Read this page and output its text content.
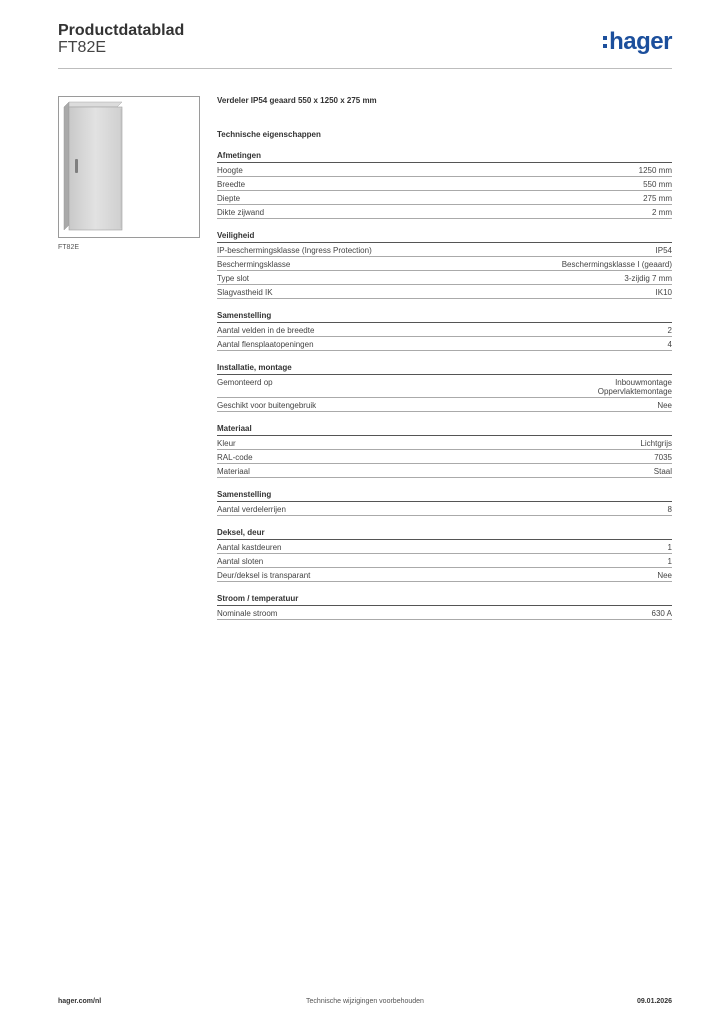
Productdatablad
FT82E	hager
FT82E
Verdeler IP54 geaard 550 x 1250 x 275 mm
Technische eigenschappen
Afmetingen
Hoogte	1250 mm
Breedte	550 mm
Diepte	275 mm
Dikte zijwand	2 mm
Veiligheid
IP-beschermingsklasse (Ingress Protection)	IP54
Beschermingsklasse	Beschermingsklasse I (geaard)
Type slot	3-zijdig 7 mm
Slagvastheid IK	IK10
Samenstelling
Aantal velden in de breedte	2
Aantal flensplaatopeningen	4
Installatie, montage
Gemonteerd op	Inbouwmontage
Oppervlaktemontage
Geschikt voor buitengebruik	Nee
Materiaal
Kleur	Lichtgrijs
RAL-code	7035
Materiaal	Staal
Samenstelling
Aantal verdelerrijen	8
Deksel, deur
Aantal kastdeuren	1
Aantal sloten	1
Deur/deksel is transparant	Nee
Stroom / temperatuur
Nominale stroom	630 A
hager.com/nl	Technische wijzigingen voorbehouden	09.01.2026
